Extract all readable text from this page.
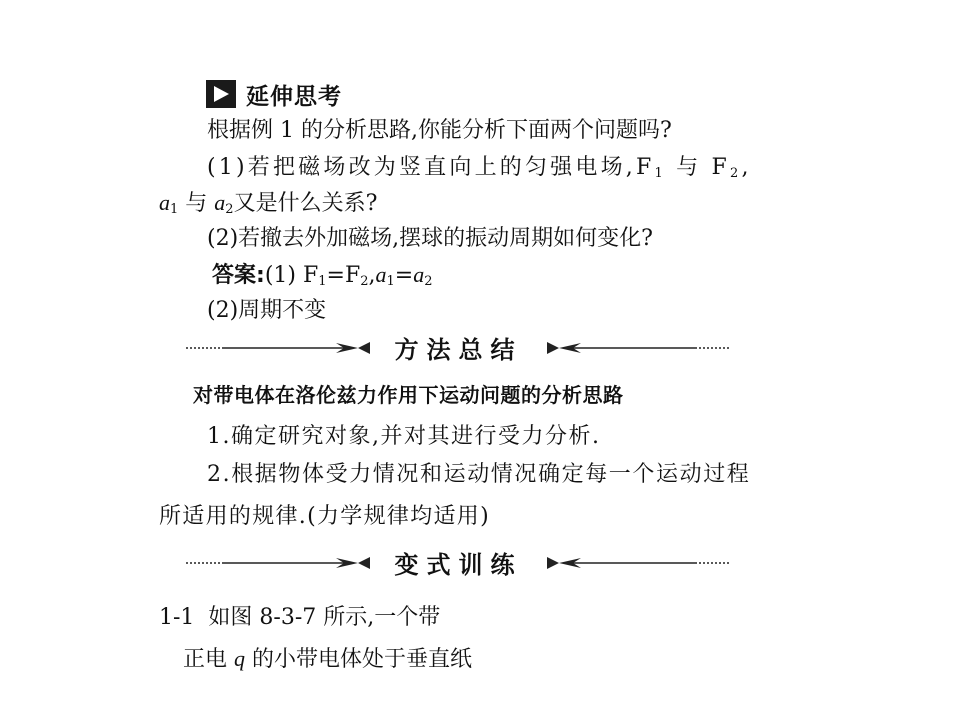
延伸思考
根据例 1 的分析思路,你能分析下面两个问题吗?
(1)若把磁场改为竖直向上的匀强电场$,F_1$ 与 $F_2$,
$a_1$ 与 $a_2$又是什么关系?
(2)若撤去外加磁场,摆球的振动周期如何变化?
答案:(1) $F_1=F_2,a_1=a_2$
(2)周期不变
方法总结
对带电体在洛伦兹力作用下运动问题的分析思路
1.确定研究对象,并对其进行受力分析.
2.根据物体受力情况和运动情况确定每一个运动过程
所适用的规律.(力学规律均适用)
变式训练
1-1  如图 8-3-7 所示,一个带
正电 q 的小带电体处于垂直纸
